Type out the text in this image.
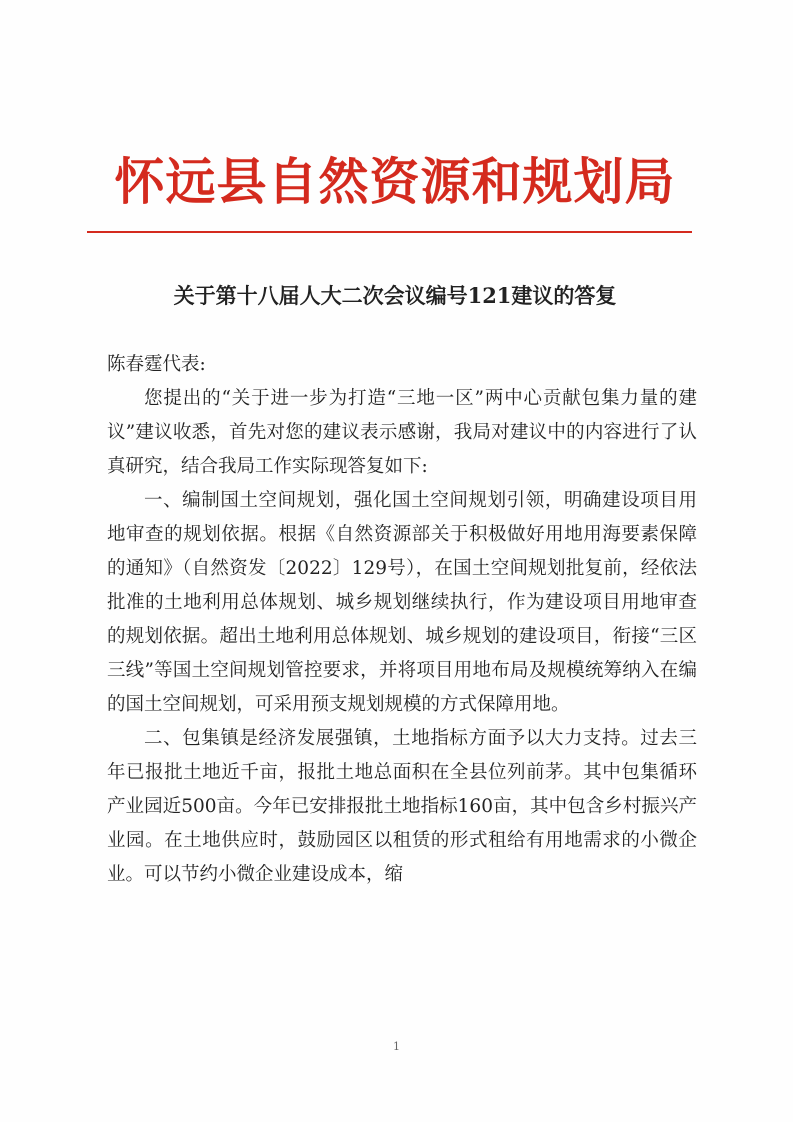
怀远县自然资源和规划局
关于第十八届人大二次会议编号121建议的答复

陈春霆代表:

您提出的“关于进一步为打造“三地一区”两中心贡献包集力量的建议”建议收悉，首先对您的建议表示感谢，我局对建议中的内容进行了认真研究，结合我局工作实际现答复如下:

一、编制国土空间规划，强化国土空间规划引领，明确建设项目用地审查的规划依据。根据《自然资源部关于积极做好用地用海要素保障的通知》（自然资发〔2022〕129号），在国土空间规划批复前，经依法批准的土地利用总体规划、城乡规划继续执行，作为建设项目用地审查的规划依据。超出土地利用总体规划、城乡规划的建设项目，衔接“三区三线”等国土空间规划管控要求，并将项目用地布局及规模统筹纳入在编的国土空间规划，可采用预支规划规模的方式保障用地。

二、包集镇是经济发展强镇，土地指标方面予以大力支持。过去三年已报批土地近千亩，报批土地总面积在全县位列前茅。其中包集循环产业园近500亩。今年已安排报批土地指标160亩，其中包含乡村振兴产业园。在土地供应时，鼓励园区以租赁的形式租给有用地需求的小微企业。可以节约小微企业建设成本，缩

1
